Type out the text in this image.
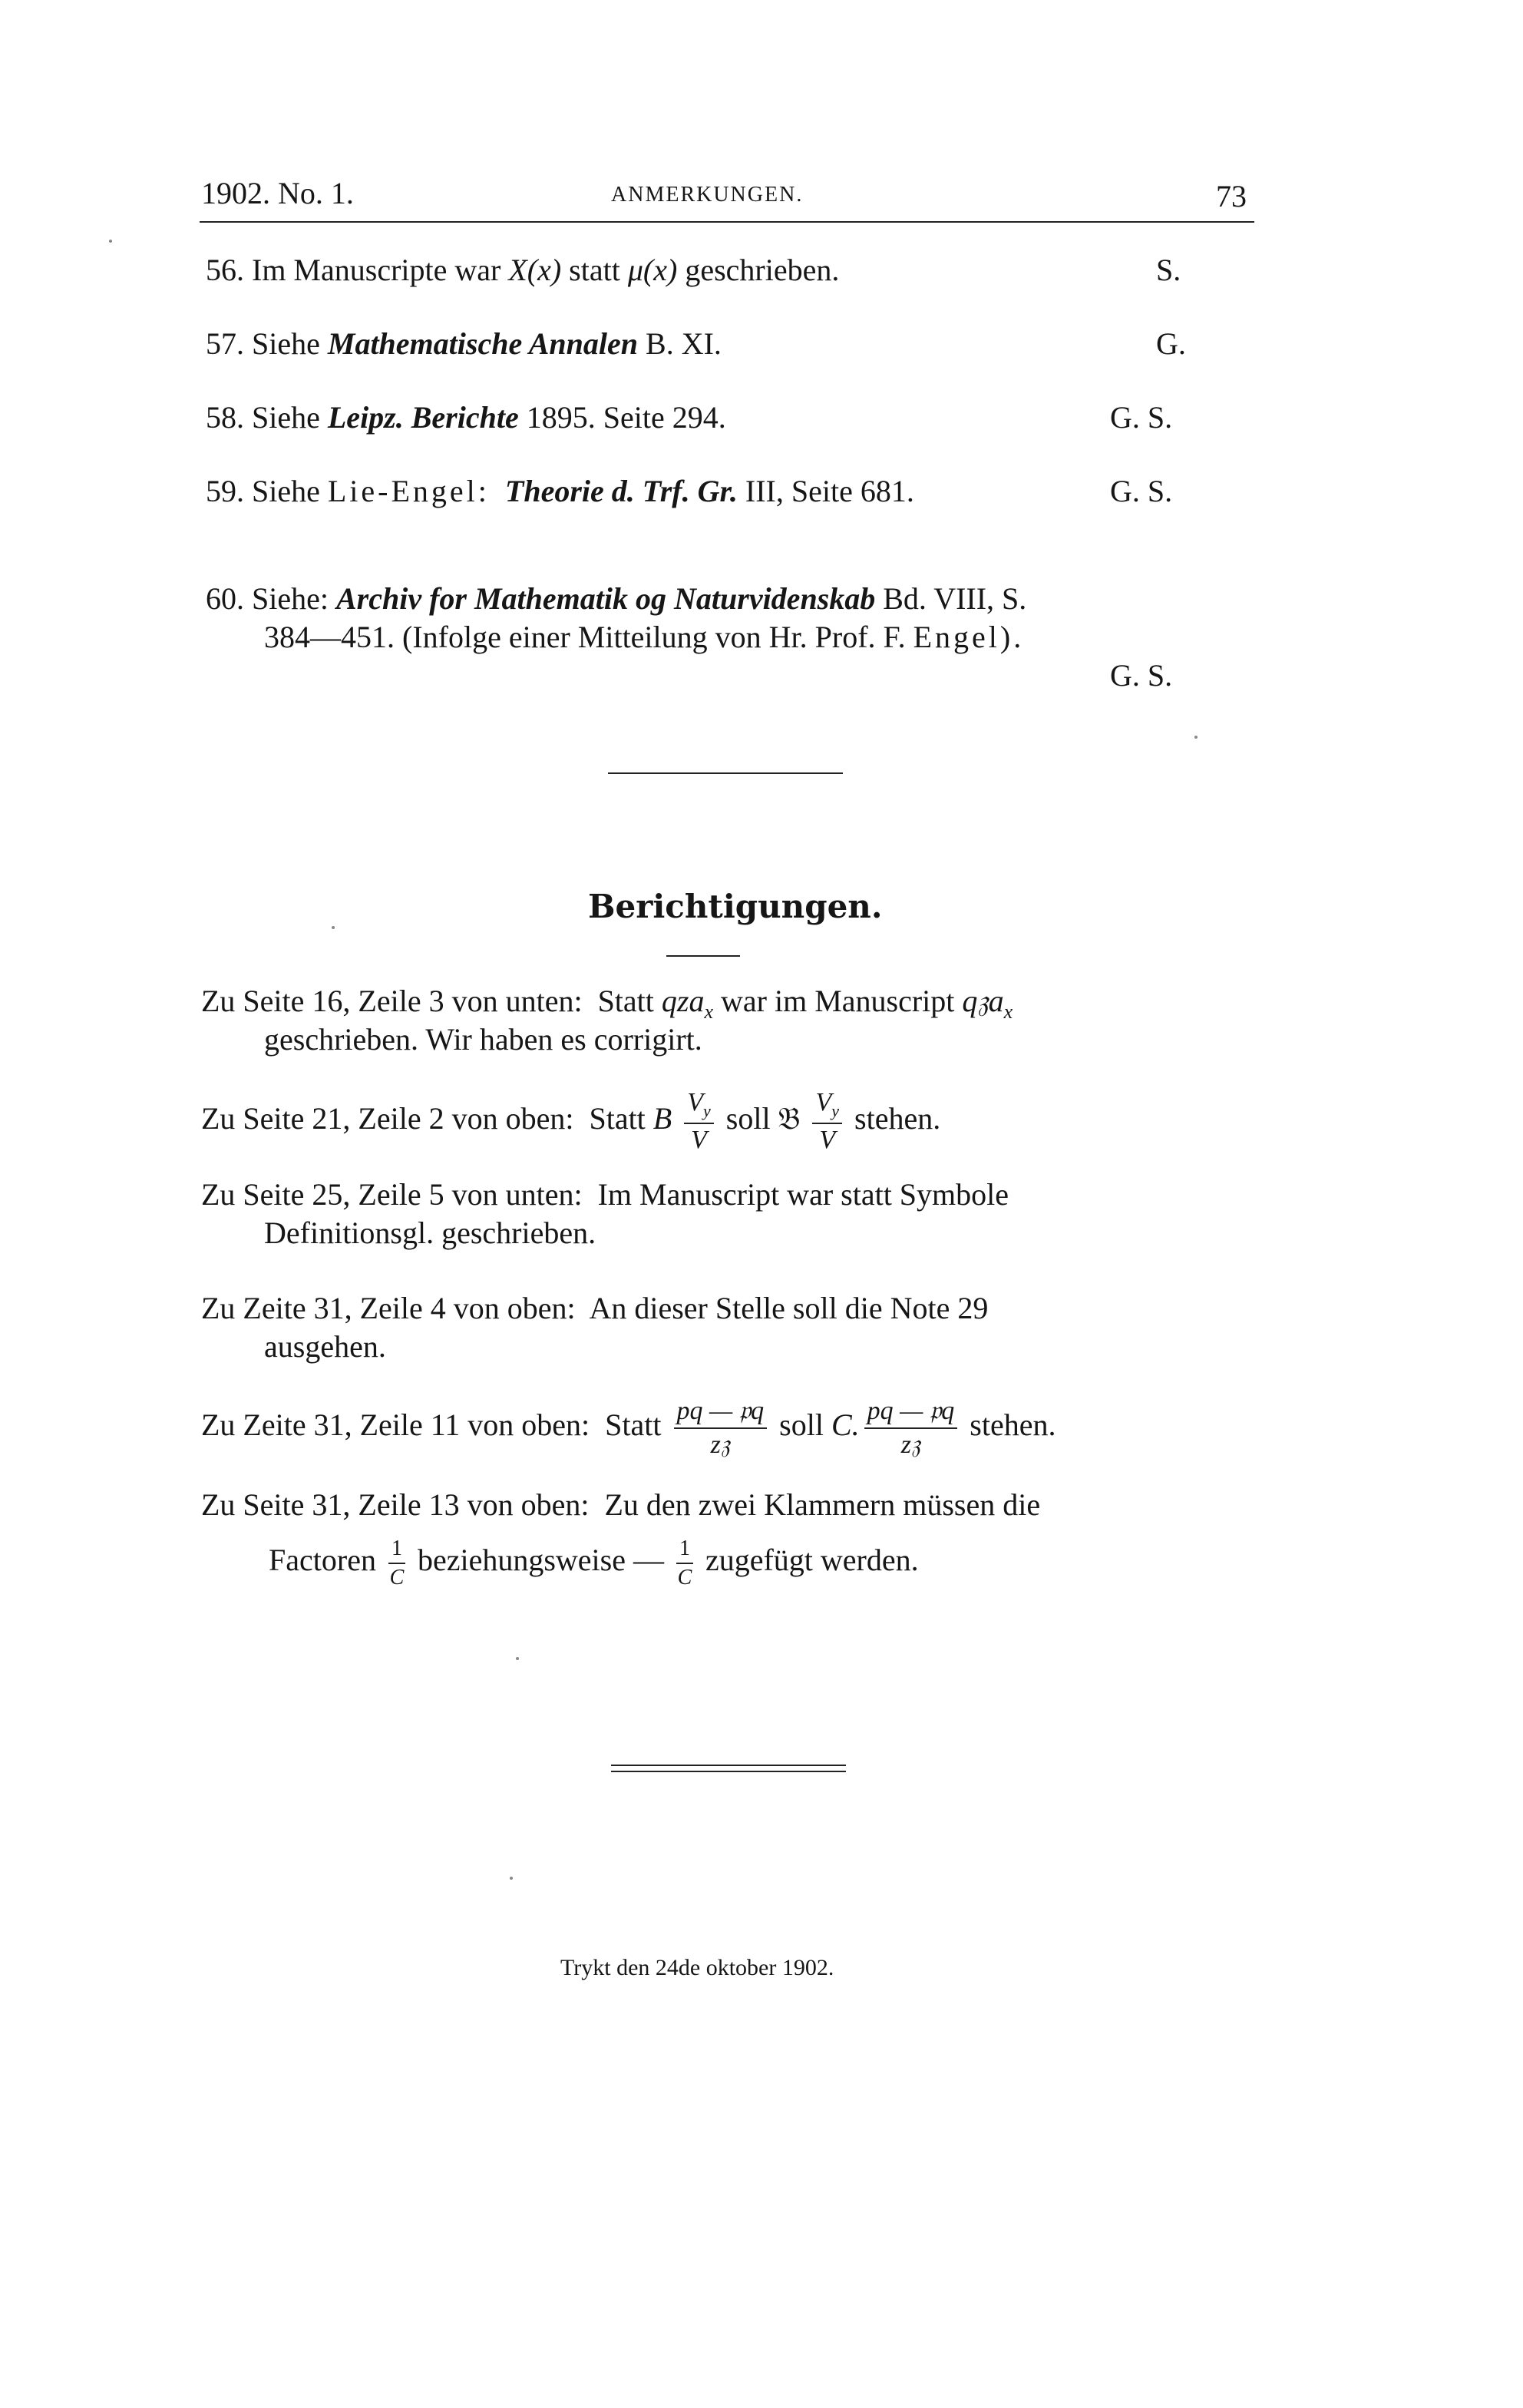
1902. No. 1.	ANMERKUNGEN.	73
56. Im Manuscripte war X(x) statt μ(x) geschrieben.	S.
57. Siehe Mathematische Annalen B. XI.	G.
58. Siehe Leipz. Berichte 1895. Seite 294.	G. S.
59. Siehe Lie-Engel: Theorie d. Trf. Gr. III, Seite 681.	G. S.
60. Siehe: Archiv for Mathematik og Naturvidenskab Bd. VIII, S.
384—451. (Infolge einer Mitteilung von Hr. Prof. F. Engel).
G. S.
Berichtigungen.
Zu Seite 16, Zeile 3 von unten: Statt qza$_x$ war im Manuscript q𝔷a$_x$
geschrieben. Wir haben es corrigirt.
Zu Seite 21, Zeile 2 von oben: Statt B $\frac{V_y}{V}$ soll 𝔅 $\frac{V_y}{V}$ stehen.
Zu Seite 25, Zeile 5 von unten: Im Manuscript war statt Symbole
Definitionsgl. geschrieben.
Zu Zeite 31, Zeile 4 von oben: An dieser Stelle soll die Note 29
ausgehen.
Zu Zeite 31, Zeile 11 von oben: Statt $\frac{\text{pq — 𝔭q}}{\text{z𝔷}}$ soll C. $\frac{\text{pq — 𝔭q}}{\text{z𝔷}}$ stehen.
Zu Seite 31, Zeile 13 von oben: Zu den zwei Klammern müssen die
Factoren $\frac{1}{C}$ beziehungsweise — $\frac{1}{C}$ zugefügt werden.
Trykt den 24de oktober 1902.
